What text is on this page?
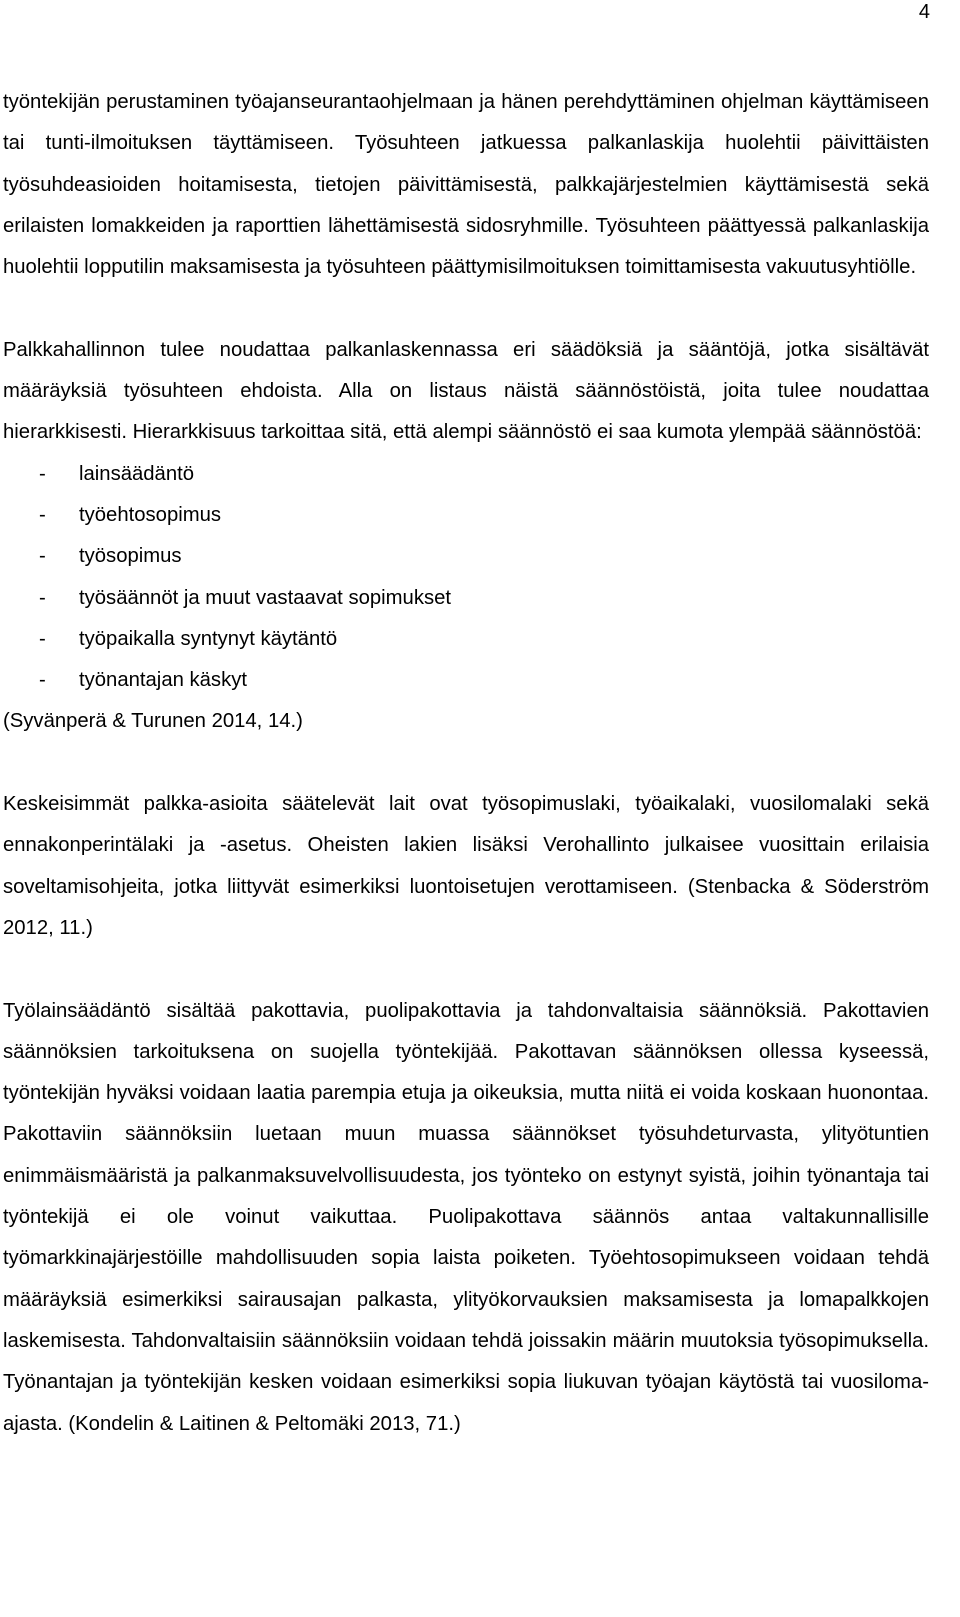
4

työntekijän perustaminen työajanseurantaohjelmaan ja hänen perehdyttäminen ohjelman käyttämiseen tai tunti-ilmoituksen täyttämiseen. Työsuhteen jatkuessa palkanlaskija huolehtii päivittäisten työsuhdeasioiden hoitamisesta, tietojen päivittämisestä, palkkajärjestelmien käyttämisestä sekä erilaisten lomakkeiden ja raporttien lähettämisestä sidosryhmille. Työsuhteen päättyessä palkanlaskija huolehtii lopputilin maksamisesta ja työsuhteen päättymisilmoituksen toimittamisesta vakuutusyhtiölle.

Palkkahallinnon tulee noudattaa palkanlaskennassa eri säädöksiä ja sääntöjä, jotka sisältävät määräyksiä työsuhteen ehdoista. Alla on listaus näistä säännöstöistä, joita tulee noudattaa hierarkkisesti. Hierarkkisuus tarkoittaa sitä, että alempi säännöstö ei saa kumota ylempää säännöstöä:

-	lainsäädäntö
-	työehtosopimus
-	työsopimus
-	työsäännöt ja muut vastaavat sopimukset
-	työpaikalla syntynyt käytäntö
-	työnantajan käskyt

(Syvänperä & Turunen 2014, 14.)

Keskeisimmät palkka-asioita säätelevät lait ovat työsopimuslaki, työaikalaki, vuosilomalaki sekä ennakonperintälaki ja -asetus. Oheisten lakien lisäksi Verohallinto julkaisee vuosittain erilaisia soveltamisohjeita, jotka liittyvät esimerkiksi luontoisetujen verottamiseen. (Stenbacka & Söderström 2012, 11.)

Työlainsäädäntö sisältää pakottavia, puolipakottavia ja tahdonvaltaisia säännöksiä. Pakottavien säännöksien tarkoituksena on suojella työntekijää. Pakottavan säännöksen ollessa kyseessä, työntekijän hyväksi voidaan laatia parempia etuja ja oikeuksia, mutta niitä ei voida koskaan huonontaa. Pakottaviin säännöksiin luetaan muun muassa säännökset työsuhdeturvasta, ylityötuntien enimmäismääristä ja palkanmaksuvelvollisuudesta, jos työnteko on estynyt syistä, joihin työnantaja tai työntekijä ei ole voinut vaikuttaa. Puolipakottava säännös antaa valtakunnallisille työmarkkinajärjestöille mahdollisuuden sopia laista poiketen. Työehtosopimukseen voidaan tehdä määräyksiä esimerkiksi sairausajan palkasta, ylityökorvauksien maksamisesta ja lomapalkkojen laskemisesta. Tahdonvaltaisiin säännöksiin voidaan tehdä joissakin määrin muutoksia työsopimuksella. Työnantajan ja työntekijän kesken voidaan esimerkiksi sopia liukuvan työajan käytöstä tai vuosiloma-ajasta. (Kondelin & Laitinen & Peltomäki 2013, 71.)
